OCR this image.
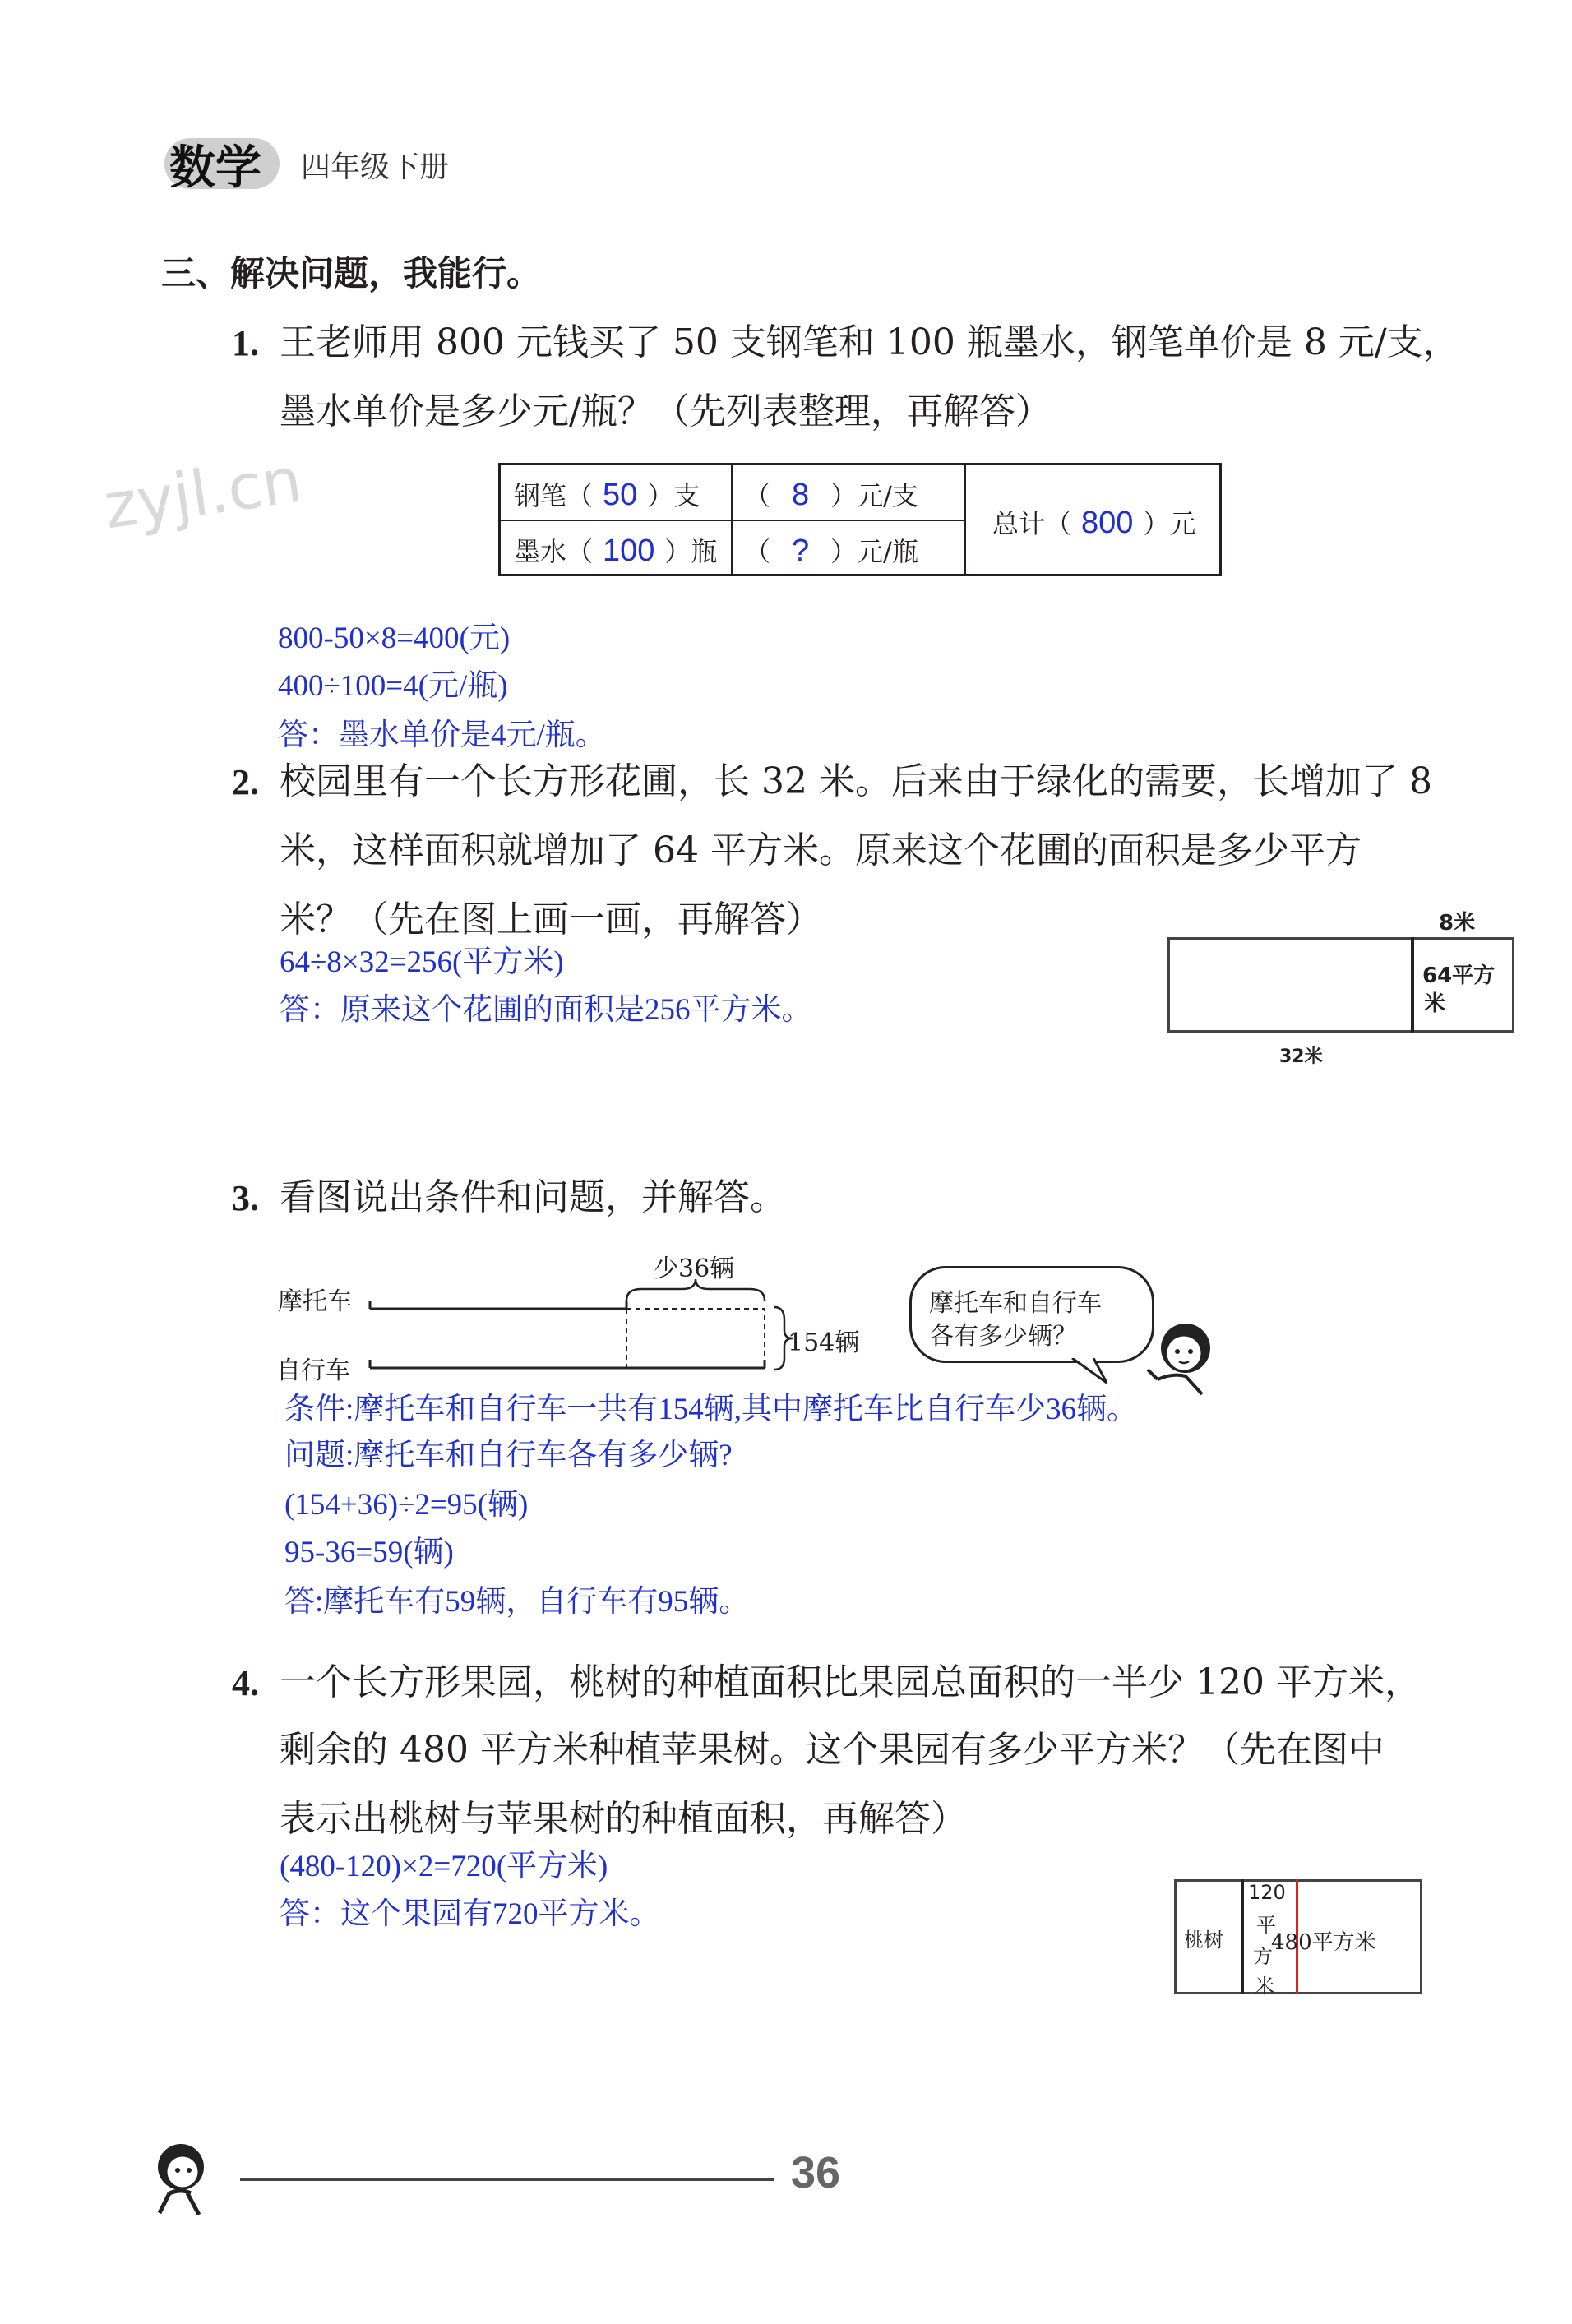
数学 四年级下册
zyjl.cn
三、解决问题，我能行。
1. 王老师用 800 元钱买了 50 支钢笔和 100 瓶墨水，钢笔单价是 8 元/支，
墨水单价是多少元/瓶？（先列表整理，再解答）
钢笔（ 50 ）支
墨水（ 100 ）瓶
（ 8 ）元/支
（ ? ）元/瓶
总计（ 800 ）元
800-50×8=400(元)
400÷100=4(元/瓶)
答：墨水单价是4元/瓶。
2. 校园里有一个长方形花圃，长 32 米。后来由于绿化的需要，长增加了 8
米，这样面积就增加了 64 平方米。原来这个花圃的面积是多少平方
米？（先在图上画一画，再解答）
64÷8×32=256(平方米)
答：原来这个花圃的面积是256平方米。
8米
64平方
米
32米
3. 看图说出条件和问题，并解答。
摩托车
自行车
少36辆
154辆
摩托车和自行车
各有多少辆？
条件:摩托车和自行车一共有154辆,其中摩托车比自行车少36辆。
问题:摩托车和自行车各有多少辆?
(154+36)÷2=95(辆)
95-36=59(辆)
答:摩托车有59辆，自行车有95辆。
4. 一个长方形果园，桃树的种植面积比果园总面积的一半少 120 平方米，
剩余的 480 平方米种植苹果树。这个果园有多少平方米？（先在图中
表示出桃树与苹果树的种植面积，再解答）
(480-120)×2=720(平方米)
答：这个果园有720平方米。
桃树
120
平
方
米
480平方米
36
